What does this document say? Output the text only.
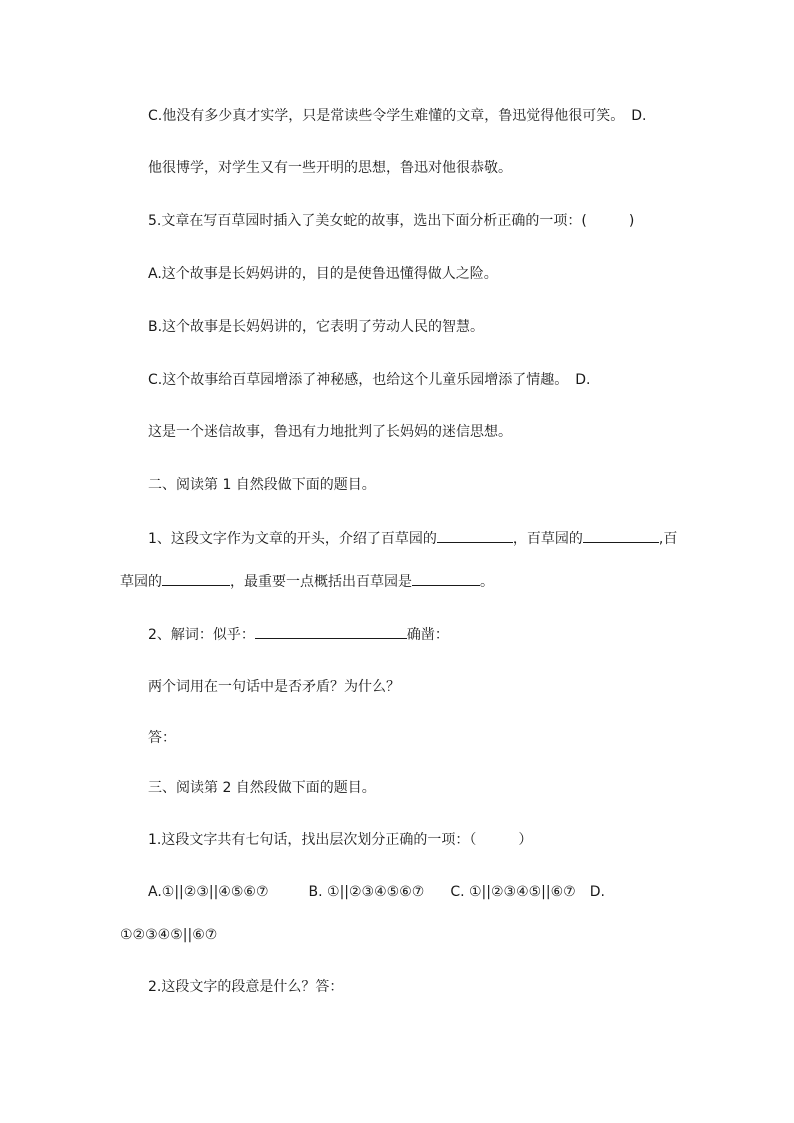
C.他没有多少真才实学，只是常读些令学生难懂的文章，鲁迅觉得他很可笑。　D.
他很博学，对学生又有一些开明的思想，鲁迅对他很恭敬。
5.文章在写百草园时插入了美女蛇的故事，选出下面分析正确的一项：(　　　)
A.这个故事是长妈妈讲的，目的是使鲁迅懂得做人之险。
B.这个故事是长妈妈讲的，它表明了劳动人民的智慧。
C.这个故事给百草园增添了神秘感，也给这个儿童乐园增添了情趣。　D.
这是一个迷信故事，鲁迅有力地批判了长妈妈的迷信思想。
二、阅读第 1 自然段做下面的题目。
1、这段文字作为文章的开头，介绍了百草园的	，百草园的	,百
草园的	，最重要一点概括出百草园是	。
2、解词：似乎：	确凿：
两个词用在一句话中是否矛盾？为什么？
答：
三、阅读第 2 自然段做下面的题目。
1.这段文字共有七句话，找出层次划分正确的一项：（　　　）
A.①||②③||④⑤⑥⑦	B. ①||②③④⑤⑥⑦ C. ①||②③④⑤||⑥⑦ D.
①②③④⑤||⑥⑦
2.这段文字的段意是什么？答：
